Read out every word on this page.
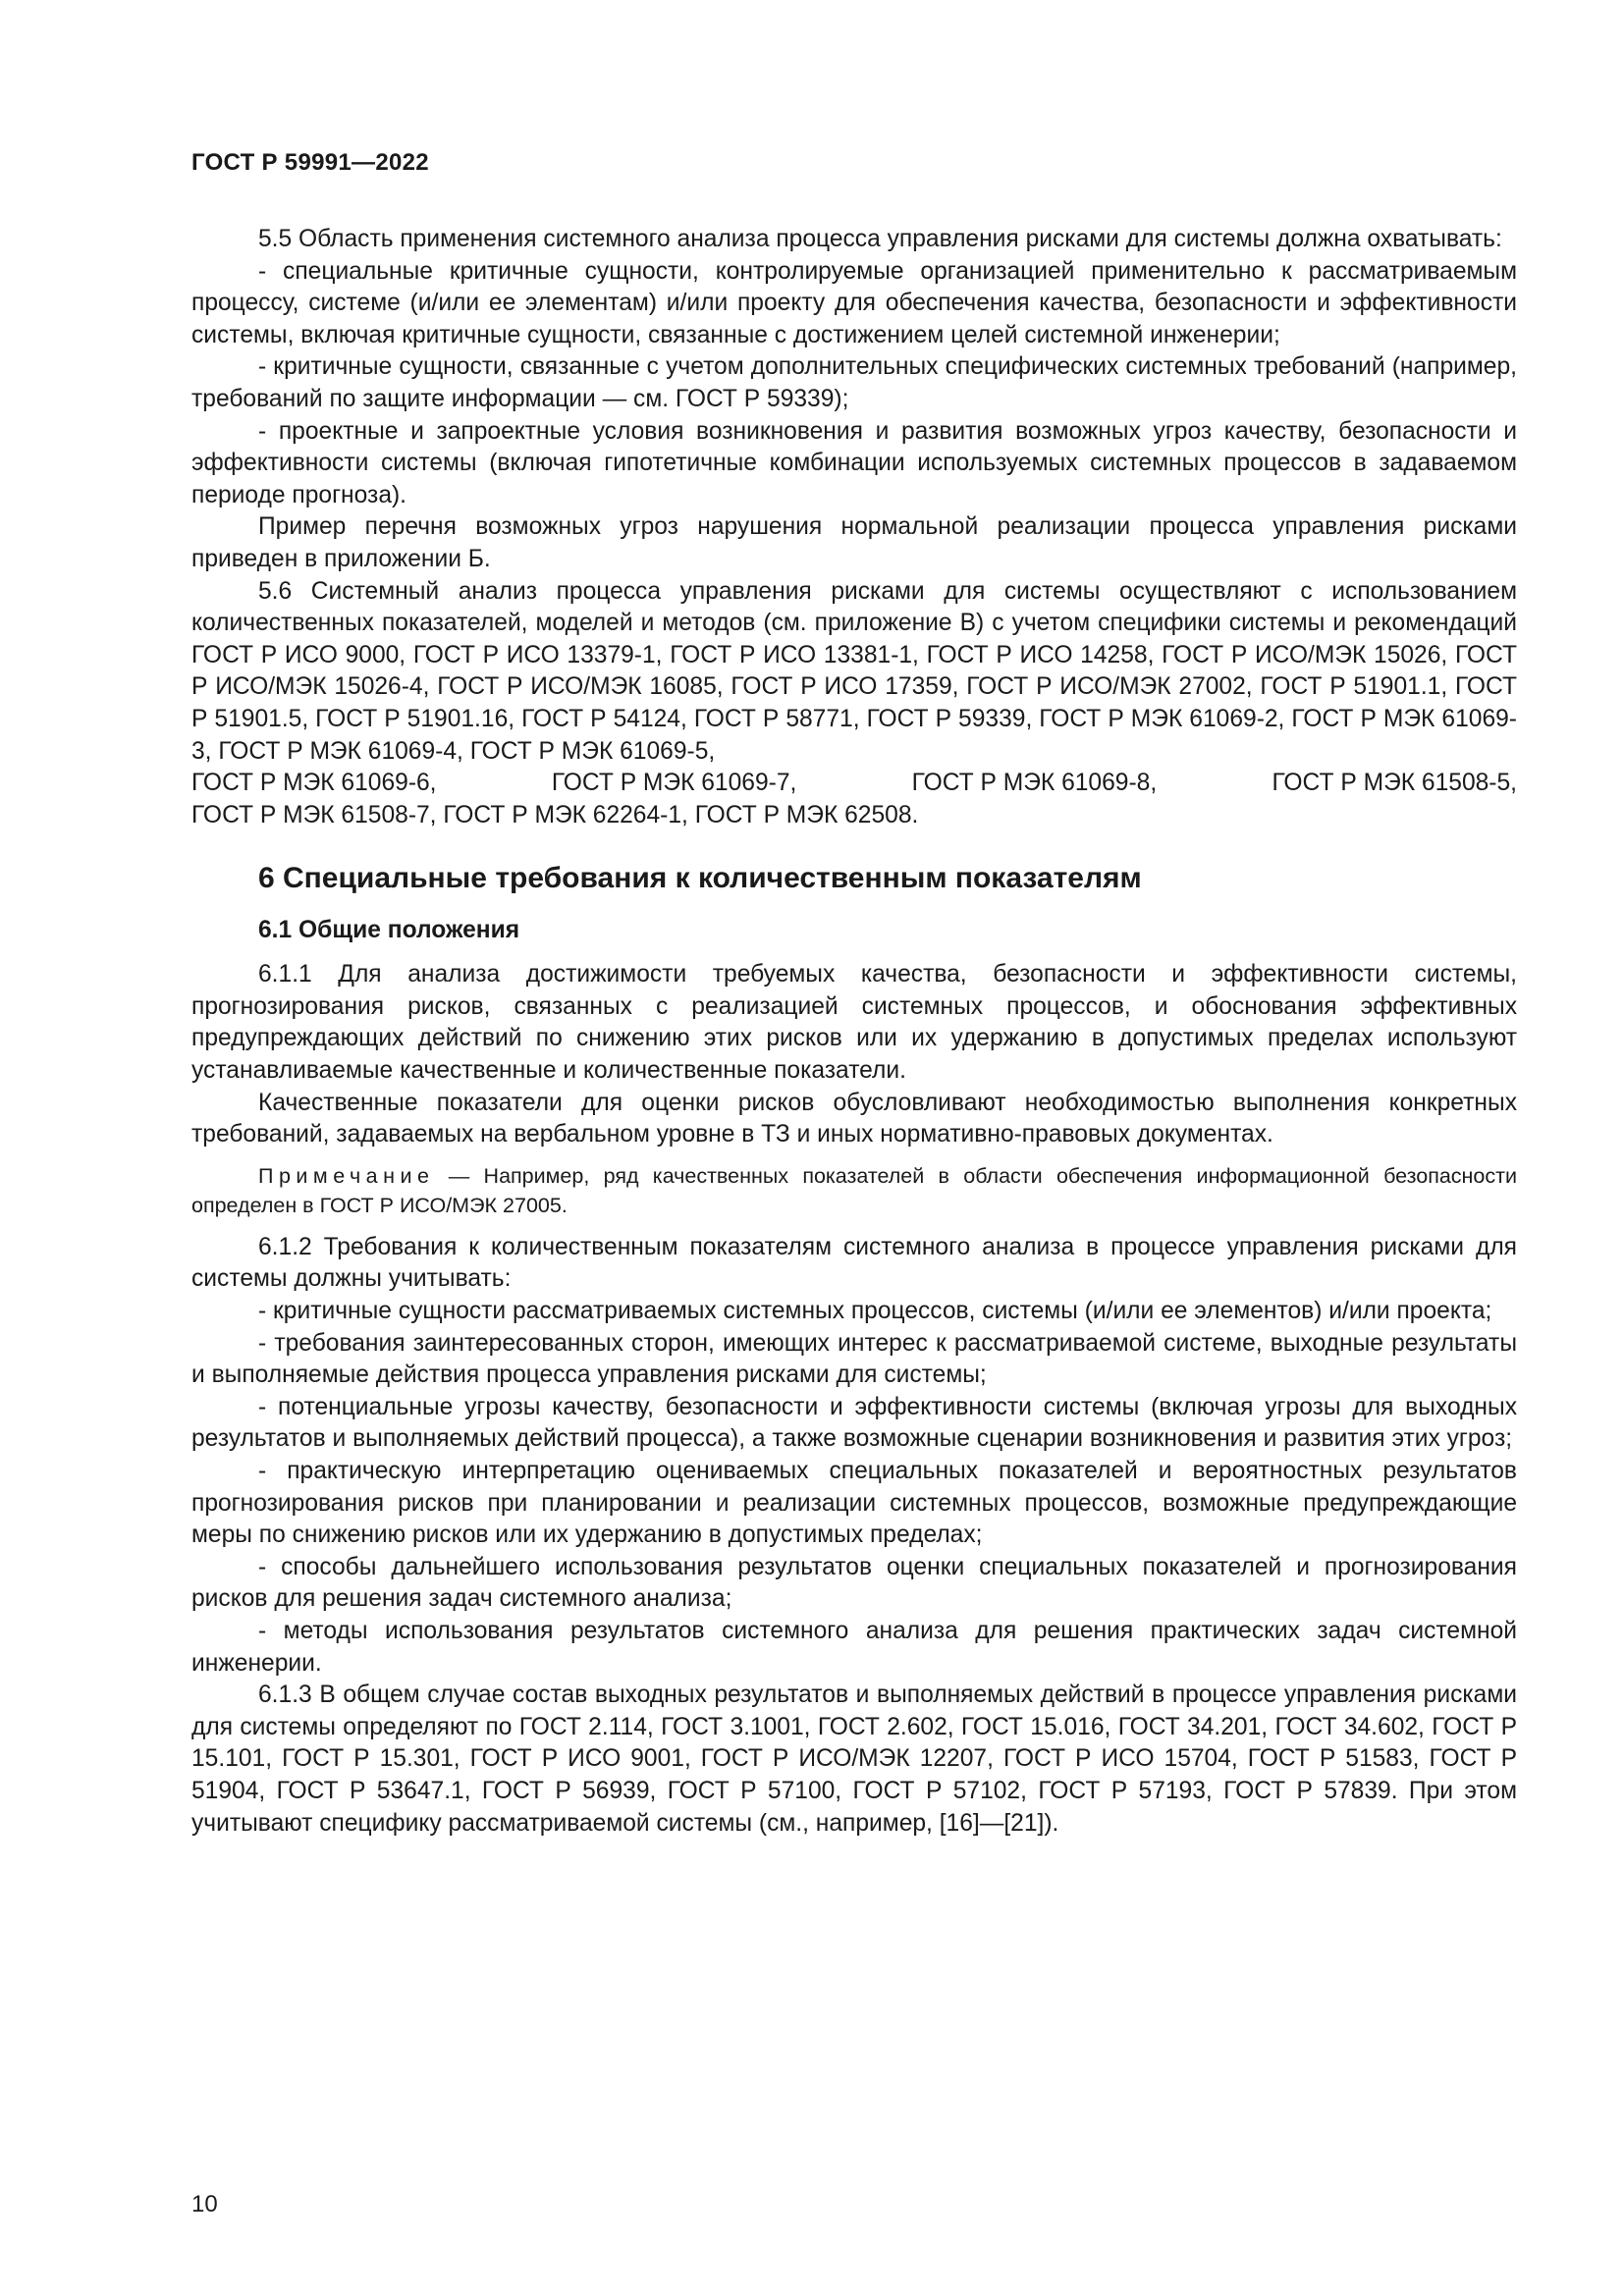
ГОСТ Р 59991—2022

5.5 Область применения системного анализа процесса управления рисками для системы должна охватывать:

- специальные критичные сущности, контролируемые организацией применительно к рассматриваемым процессу, системе (и/или ее элементам) и/или проекту для обеспечения качества, безопасности и эффективности системы, включая критичные сущности, связанные с достижением целей системной инженерии;

- критичные сущности, связанные с учетом дополнительных специфических системных требований (например, требований по защите информации — см. ГОСТ Р 59339);

- проектные и запроектные условия возникновения и развития возможных угроз качеству, безопасности и эффективности системы (включая гипотетичные комбинации используемых системных процессов в задаваемом периоде прогноза).

Пример перечня возможных угроз нарушения нормальной реализации процесса управления рисками приведен в приложении Б.

5.6 Системный анализ процесса управления рисками для системы осуществляют с использованием количественных показателей, моделей и методов (см. приложение В) с учетом специфики системы и рекомендаций ГОСТ Р ИСО 9000, ГОСТ Р ИСО 13379-1, ГОСТ Р ИСО 13381-1, ГОСТ Р ИСО 14258, ГОСТ Р ИСО/МЭК 15026, ГОСТ Р ИСО/МЭК 15026-4, ГОСТ Р ИСО/МЭК 16085, ГОСТ Р ИСО 17359, ГОСТ Р ИСО/МЭК 27002, ГОСТ Р 51901.1, ГОСТ Р 51901.5, ГОСТ Р 51901.16, ГОСТ Р 54124, ГОСТ Р 58771, ГОСТ Р 59339, ГОСТ Р МЭК 61069-2, ГОСТ Р МЭК 61069-3, ГОСТ Р МЭК 61069-4, ГОСТ Р МЭК 61069-5,

ГОСТ Р МЭК 61069-6,	ГОСТ Р МЭК 61069-7,	ГОСТ Р МЭК 61069-8,	ГОСТ Р МЭК 61508-5,

ГОСТ Р МЭК 61508-7, ГОСТ Р МЭК 62264-1, ГОСТ Р МЭК 62508.

6 Специальные требования к количественным показателям
6.1 Общие положения

6.1.1 Для анализа достижимости требуемых качества, безопасности и эффективности системы, прогнозирования рисков, связанных с реализацией системных процессов, и обоснования эффективных предупреждающих действий по снижению этих рисков или их удержанию в допустимых пределах используют устанавливаемые качественные и количественные показатели.

Качественные показатели для оценки рисков обусловливают необходимостью выполнения конкретных требований, задаваемых на вербальном уровне в ТЗ и иных нормативно-правовых документах.

Примечание — Например, ряд качественных показателей в области обеспечения информационной безопасности определен в ГОСТ Р ИСО/МЭК 27005.

6.1.2 Требования к количественным показателям системного анализа в процессе управления рисками для системы должны учитывать:

- критичные сущности рассматриваемых системных процессов, системы (и/или ее элементов) и/или проекта;

- требования заинтересованных сторон, имеющих интерес к рассматриваемой системе, выходные результаты и выполняемые действия процесса управления рисками для системы;

- потенциальные угрозы качеству, безопасности и эффективности системы (включая угрозы для выходных результатов и выполняемых действий процесса), а также возможные сценарии возникновения и развития этих угроз;

- практическую интерпретацию оцениваемых специальных показателей и вероятностных результатов прогнозирования рисков при планировании и реализации системных процессов, возможные предупреждающие меры по снижению рисков или их удержанию в допустимых пределах;

- способы дальнейшего использования результатов оценки специальных показателей и прогнозирования рисков для решения задач системного анализа;

- методы использования результатов системного анализа для решения практических задач системной инженерии.

6.1.3 В общем случае состав выходных результатов и выполняемых действий в процессе управления рисками для системы определяют по ГОСТ 2.114, ГОСТ 3.1001, ГОСТ 2.602, ГОСТ 15.016, ГОСТ 34.201, ГОСТ 34.602, ГОСТ Р 15.101, ГОСТ Р 15.301, ГОСТ Р ИСО 9001, ГОСТ Р ИСО/МЭК 12207, ГОСТ Р ИСО 15704, ГОСТ Р 51583, ГОСТ Р 51904, ГОСТ Р 53647.1, ГОСТ Р 56939, ГОСТ Р 57100, ГОСТ Р 57102, ГОСТ Р 57193, ГОСТ Р 57839. При этом учитывают специфику рассматриваемой системы (см., например, [16]—[21]).

10
